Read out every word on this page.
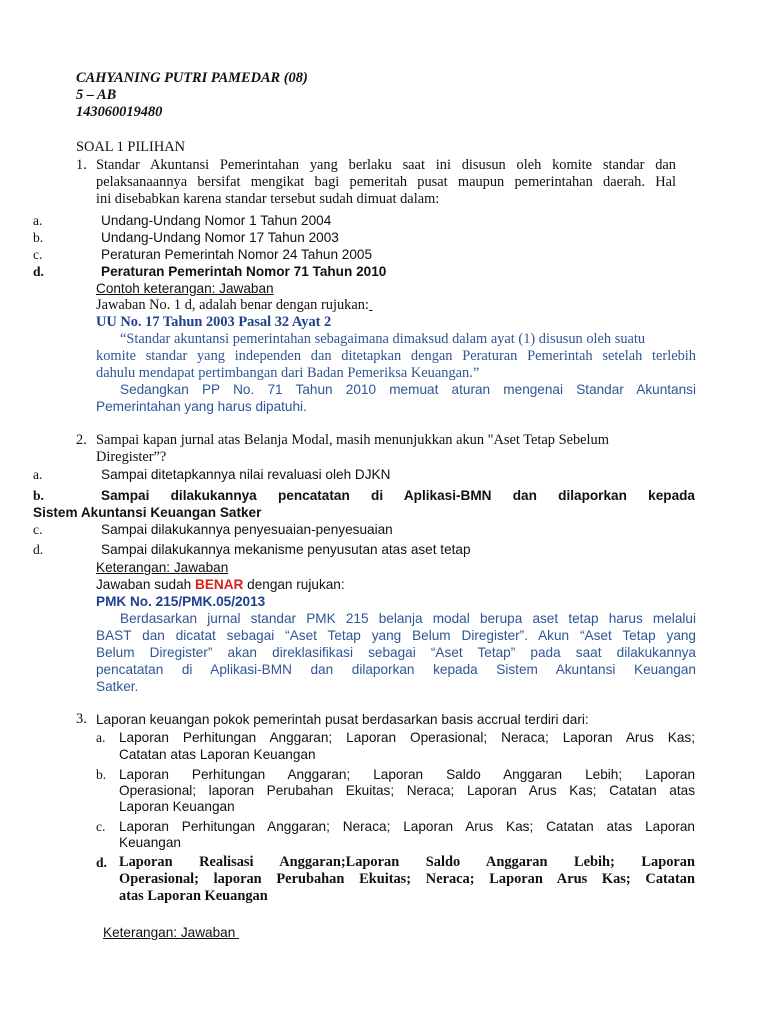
CAHYANING PUTRI PAMEDAR (08)
5 – AB
143060019480
SOAL 1 PILIHAN
1. Standar Akuntansi Pemerintahan yang berlaku saat ini disusun oleh komite standar dan
pelaksanaannya bersifat mengikat bagi pemeritah pusat maupun pemerintahan daerah. Hal
ini disebabkan karena standar tersebut sudah dimuat dalam:
a.	Undang-Undang Nomor 1 Tahun 2004
b.	Undang-Undang Nomor 17 Tahun 2003
c.	Peraturan Pemerintah Nomor 24 Tahun 2005
d.	Peraturan Pemerintah Nomor 71 Tahun 2010
Contoh keterangan: Jawaban
Jawaban No. 1 d, adalah benar dengan rujukan:
UU No. 17 Tahun 2003 Pasal 32 Ayat 2
“Standar akuntansi pemerintahan sebagaimana dimaksud dalam ayat (1) disusun oleh suatu
komite standar yang independen dan ditetapkan dengan Peraturan Pemerintah setelah terlebih
dahulu mendapat pertimbangan dari Badan Pemeriksa Keuangan.”
Sedangkan PP No. 71 Tahun 2010 memuat aturan mengenai Standar Akuntansi
Pemerintahan yang harus dipatuhi.
2. Sampai kapan jurnal atas Belanja Modal, masih menunjukkan akun "Aset Tetap Sebelum
Diregister”?
a.	Sampai ditetapkannya nilai revaluasi oleh DJKN
b.	Sampai dilakukannya pencatatan di Aplikasi-BMN dan dilaporkan kepada
Sistem Akuntansi Keuangan Satker
c.	Sampai dilakukannya penyesuaian-penyesuaian
d.	Sampai dilakukannya mekanisme penyusutan atas aset tetap
Keterangan: Jawaban
Jawaban sudah BENAR dengan rujukan:
PMK No. 215/PMK.05/2013
Berdasarkan jurnal standar PMK 215 belanja modal berupa aset tetap harus melalui
BAST dan dicatat sebagai “Aset Tetap yang Belum Diregister”. Akun “Aset Tetap yang
Belum Diregister” akan direklasifikasi sebagai “Aset Tetap” pada saat dilakukannya
pencatatan di Aplikasi-BMN dan dilaporkan kepada Sistem Akuntansi Keuangan
Satker.
3. Laporan keuangan pokok pemerintah pusat berdasarkan basis accrual terdiri dari:
a. Laporan Perhitungan Anggaran; Laporan Operasional; Neraca; Laporan Arus Kas;
Catatan atas Laporan Keuangan
b. Laporan Perhitungan Anggaran; Laporan Saldo Anggaran Lebih; Laporan
Operasional; laporan Perubahan Ekuitas; Neraca; Laporan Arus Kas; Catatan atas
Laporan Keuangan
c. Laporan Perhitungan Anggaran; Neraca; Laporan Arus Kas; Catatan atas Laporan
Keuangan
d. Laporan Realisasi Anggaran;Laporan Saldo Anggaran Lebih; Laporan
Operasional; laporan Perubahan Ekuitas; Neraca; Laporan Arus Kas; Catatan
atas Laporan Keuangan
Keterangan: Jawaban
